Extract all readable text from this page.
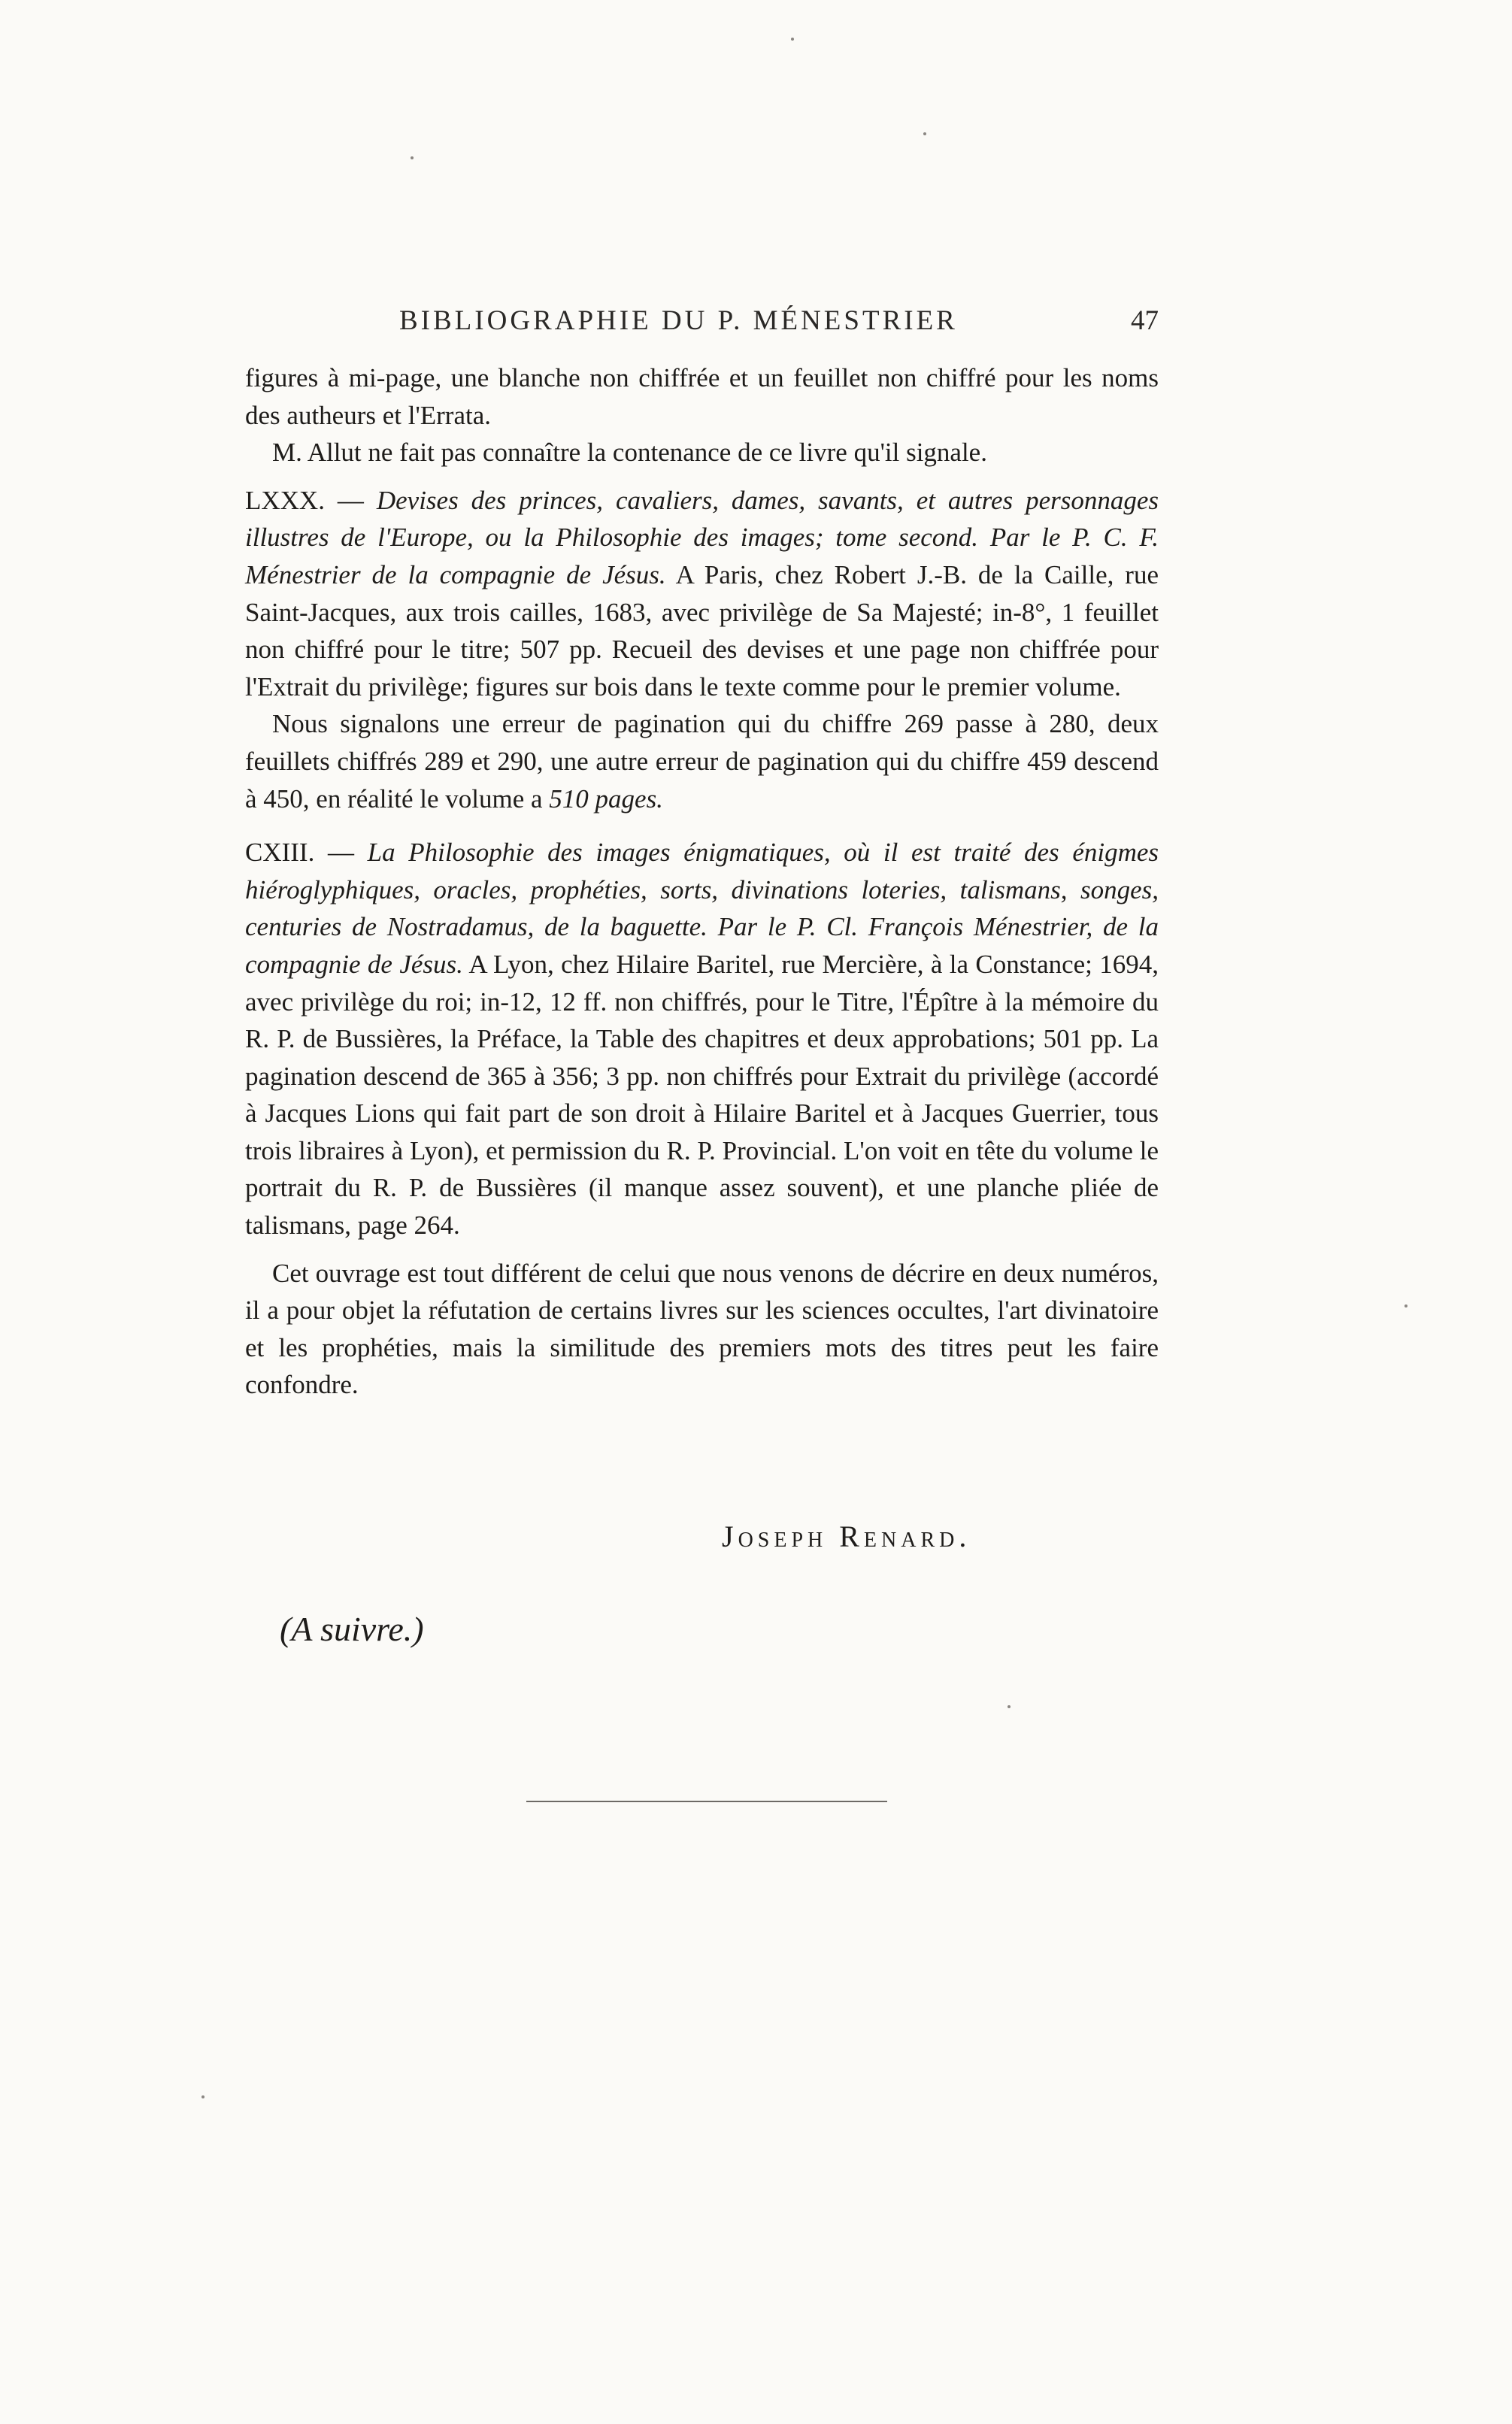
BIBLIOGRAPHIE DU P. MÉNESTRIER	47

figures à mi-page, une blanche non chiffrée et un feuillet non chiffré pour les noms des autheurs et l'Errata.

M. Allut ne fait pas connaître la contenance de ce livre qu'il signale.

LXXX. — Devises des princes, cavaliers, dames, savants, et autres personnages illustres de l'Europe, ou la Philosophie des images; tome second. Par le P. C. F. Ménestrier de la compagnie de Jésus. A Paris, chez Robert J.-B. de la Caille, rue Saint-Jacques, aux trois cailles, 1683, avec privilège de Sa Majesté; in-8°, 1 feuillet non chiffré pour le titre; 507 pp. Recueil des devises et une page non chiffrée pour l'Extrait du privilège; figures sur bois dans le texte comme pour le premier volume.

Nous signalons une erreur de pagination qui du chiffre 269 passe à 280, deux feuillets chiffrés 289 et 290, une autre erreur de pagination qui du chiffre 459 descend à 450, en réalité le volume a 510 pages.

CXIII. — La Philosophie des images énigmatiques, où il est traité des énigmes hiéroglyphiques, oracles, prophéties, sorts, divinations loteries, talismans, songes, centuries de Nostradamus, de la baguette. Par le P. Cl. François Ménestrier, de la compagnie de Jésus. A Lyon, chez Hilaire Baritel, rue Mercière, à la Constance; 1694, avec privilège du roi; in-12, 12 ff. non chiffrés, pour le Titre, l'Épître à la mémoire du R. P. de Bussières, la Préface, la Table des chapitres et deux approbations; 501 pp. La pagination descend de 365 à 356; 3 pp. non chiffrés pour Extrait du privilège (accordé à Jacques Lions qui fait part de son droit à Hilaire Baritel et à Jacques Guerrier, tous trois libraires à Lyon), et permission du R. P. Provincial. L'on voit en tête du volume le portrait du R. P. de Bussières (il manque assez souvent), et une planche pliée de talismans, page 264.

Cet ouvrage est tout différent de celui que nous venons de décrire en deux numéros, il a pour objet la réfutation de certains livres sur les sciences occultes, l'art divinatoire et les prophéties, mais la similitude des premiers mots des titres peut les faire confondre.

Joseph Renard.
(A suivre.)
